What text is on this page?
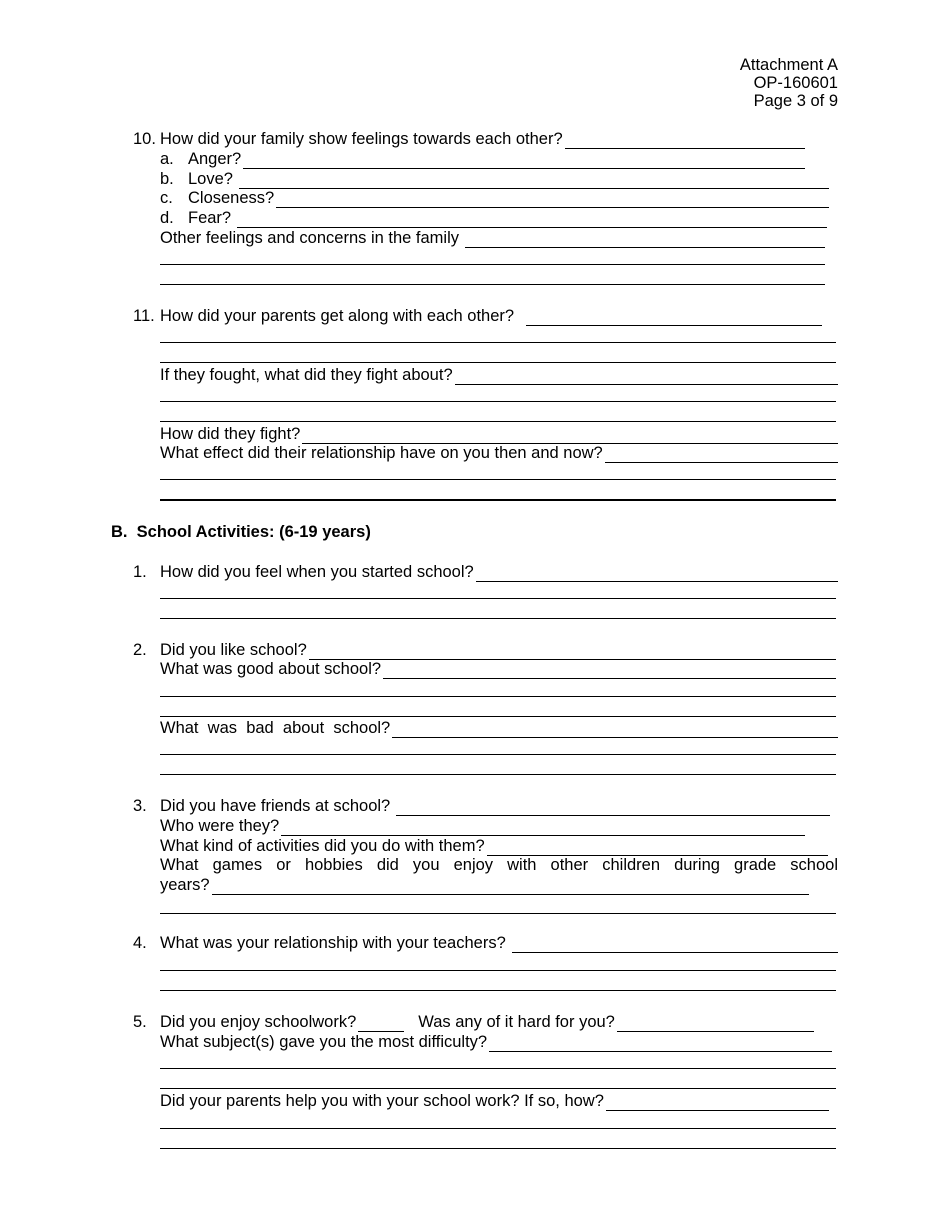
Attachment A
OP-160601
Page 3 of 9
10. How did your family show feelings towards each other?
a. Anger?
b. Love?
c. Closeness?
d. Fear?
Other feelings and concerns in the family
11. How did your parents get along with each other?
If they fought, what did they fight about?
How did they fight?
What effect did their relationship have on you then and now?
B. School Activities: (6-19 years)
1. How did you feel when you started school?
2. Did you like school?
What was good about school?
What  was  bad  about  school?
3. Did you have friends at school?
Who were they?
What kind of activities did you do with them?
What games or hobbies did you enjoy with other children during grade school
years?
4. What was your relationship with your teachers?
5. Did you enjoy schoolwork?	Was any of it hard for you?
What subject(s) gave you the most difficulty?
Did your parents help you with your school work? If so, how?
